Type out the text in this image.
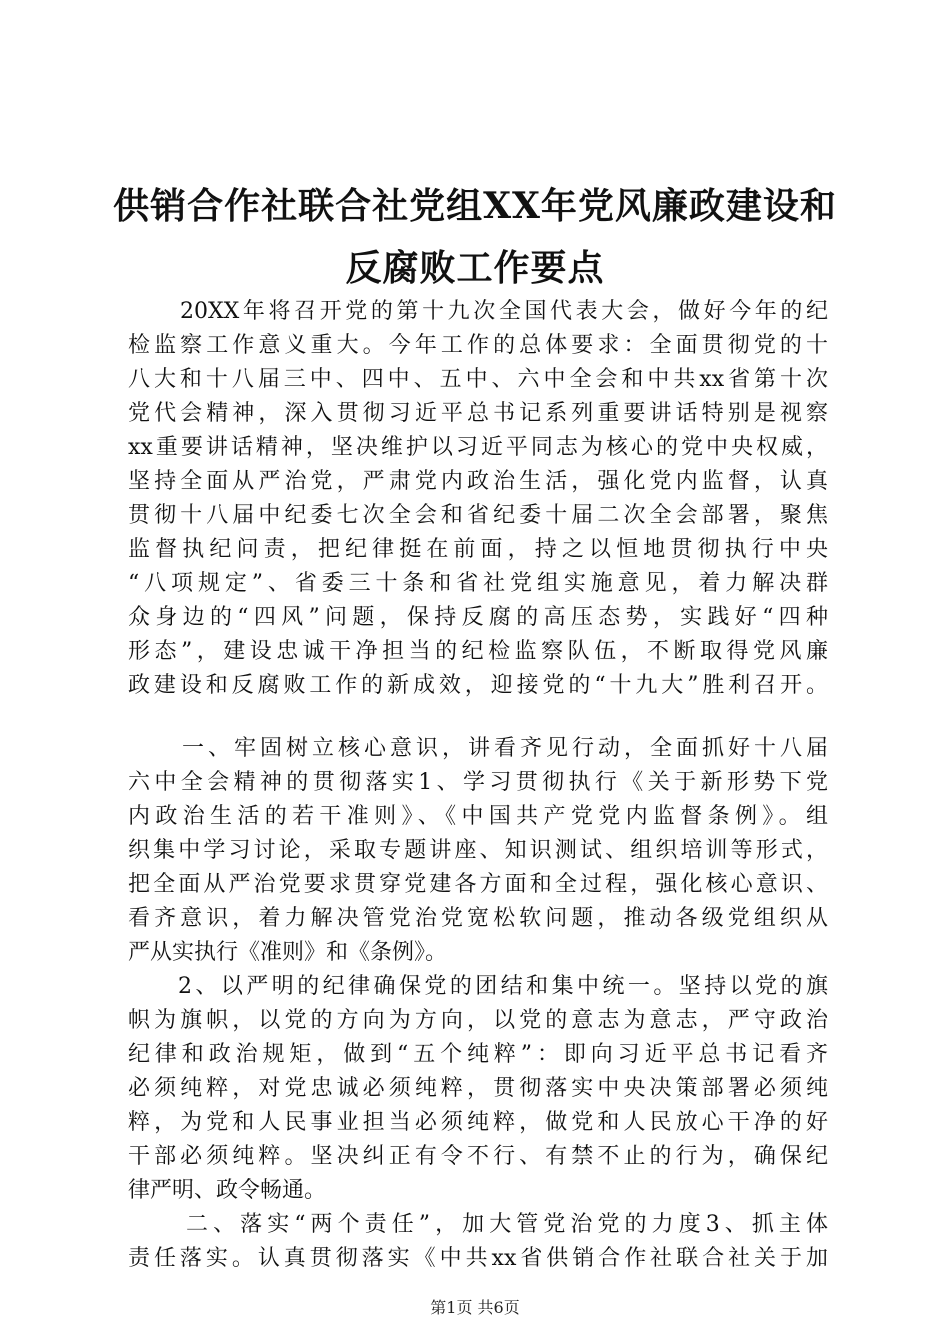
供销合作社联合社党组XX年党风廉政建设和
反腐败工作要点
20XX年将召开党的第十九次全国代表大会，做好今年的纪
检监察工作意义重大。今年工作的总体要求：全面贯彻党的十
八大和十八届三中、四中、五中、六中全会和中共xx省第十次
党代会精神，深入贯彻习近平总书记系列重要讲话特别是视察
xx重要讲话精神，坚决维护以习近平同志为核心的党中央权威，
坚持全面从严治党，严肃党内政治生活，强化党内监督，认真
贯彻十八届中纪委七次全会和省纪委十届二次全会部署，聚焦
监督执纪问责，把纪律挺在前面，持之以恒地贯彻执行中央
“八项规定”、省委三十条和省社党组实施意见，着力解决群
众身边的“四风”问题，保持反腐的高压态势，实践好“四种
形态”，建设忠诚干净担当的纪检监察队伍，不断取得党风廉
政建设和反腐败工作的新成效，迎接党的“十九大”胜利召开。
一、牢固树立核心意识，讲看齐见行动，全面抓好十八届
六中全会精神的贯彻落实1、学习贯彻执行《关于新形势下党
内政治生活的若干准则》、《中国共产党党内监督条例》。组
织集中学习讨论，采取专题讲座、知识测试、组织培训等形式，
把全面从严治党要求贯穿党建各方面和全过程，强化核心意识、
看齐意识，着力解决管党治党宽松软问题，推动各级党组织从
严从实执行《准则》和《条例》。
2、以严明的纪律确保党的团结和集中统一。坚持以党的旗
帜为旗帜，以党的方向为方向，以党的意志为意志，严守政治
纪律和政治规矩，做到“五个纯粹”：即向习近平总书记看齐
必须纯粹，对党忠诚必须纯粹，贯彻落实中央决策部署必须纯
粹，为党和人民事业担当必须纯粹，做党和人民放心干净的好
干部必须纯粹。坚决纠正有令不行、有禁不止的行为，确保纪
律严明、政令畅通。
二、落实“两个责任”，加大管党治党的力度3、抓主体
责任落实。认真贯彻落实《中共xx省供销合作社联合社关于加
第1页 共6页
